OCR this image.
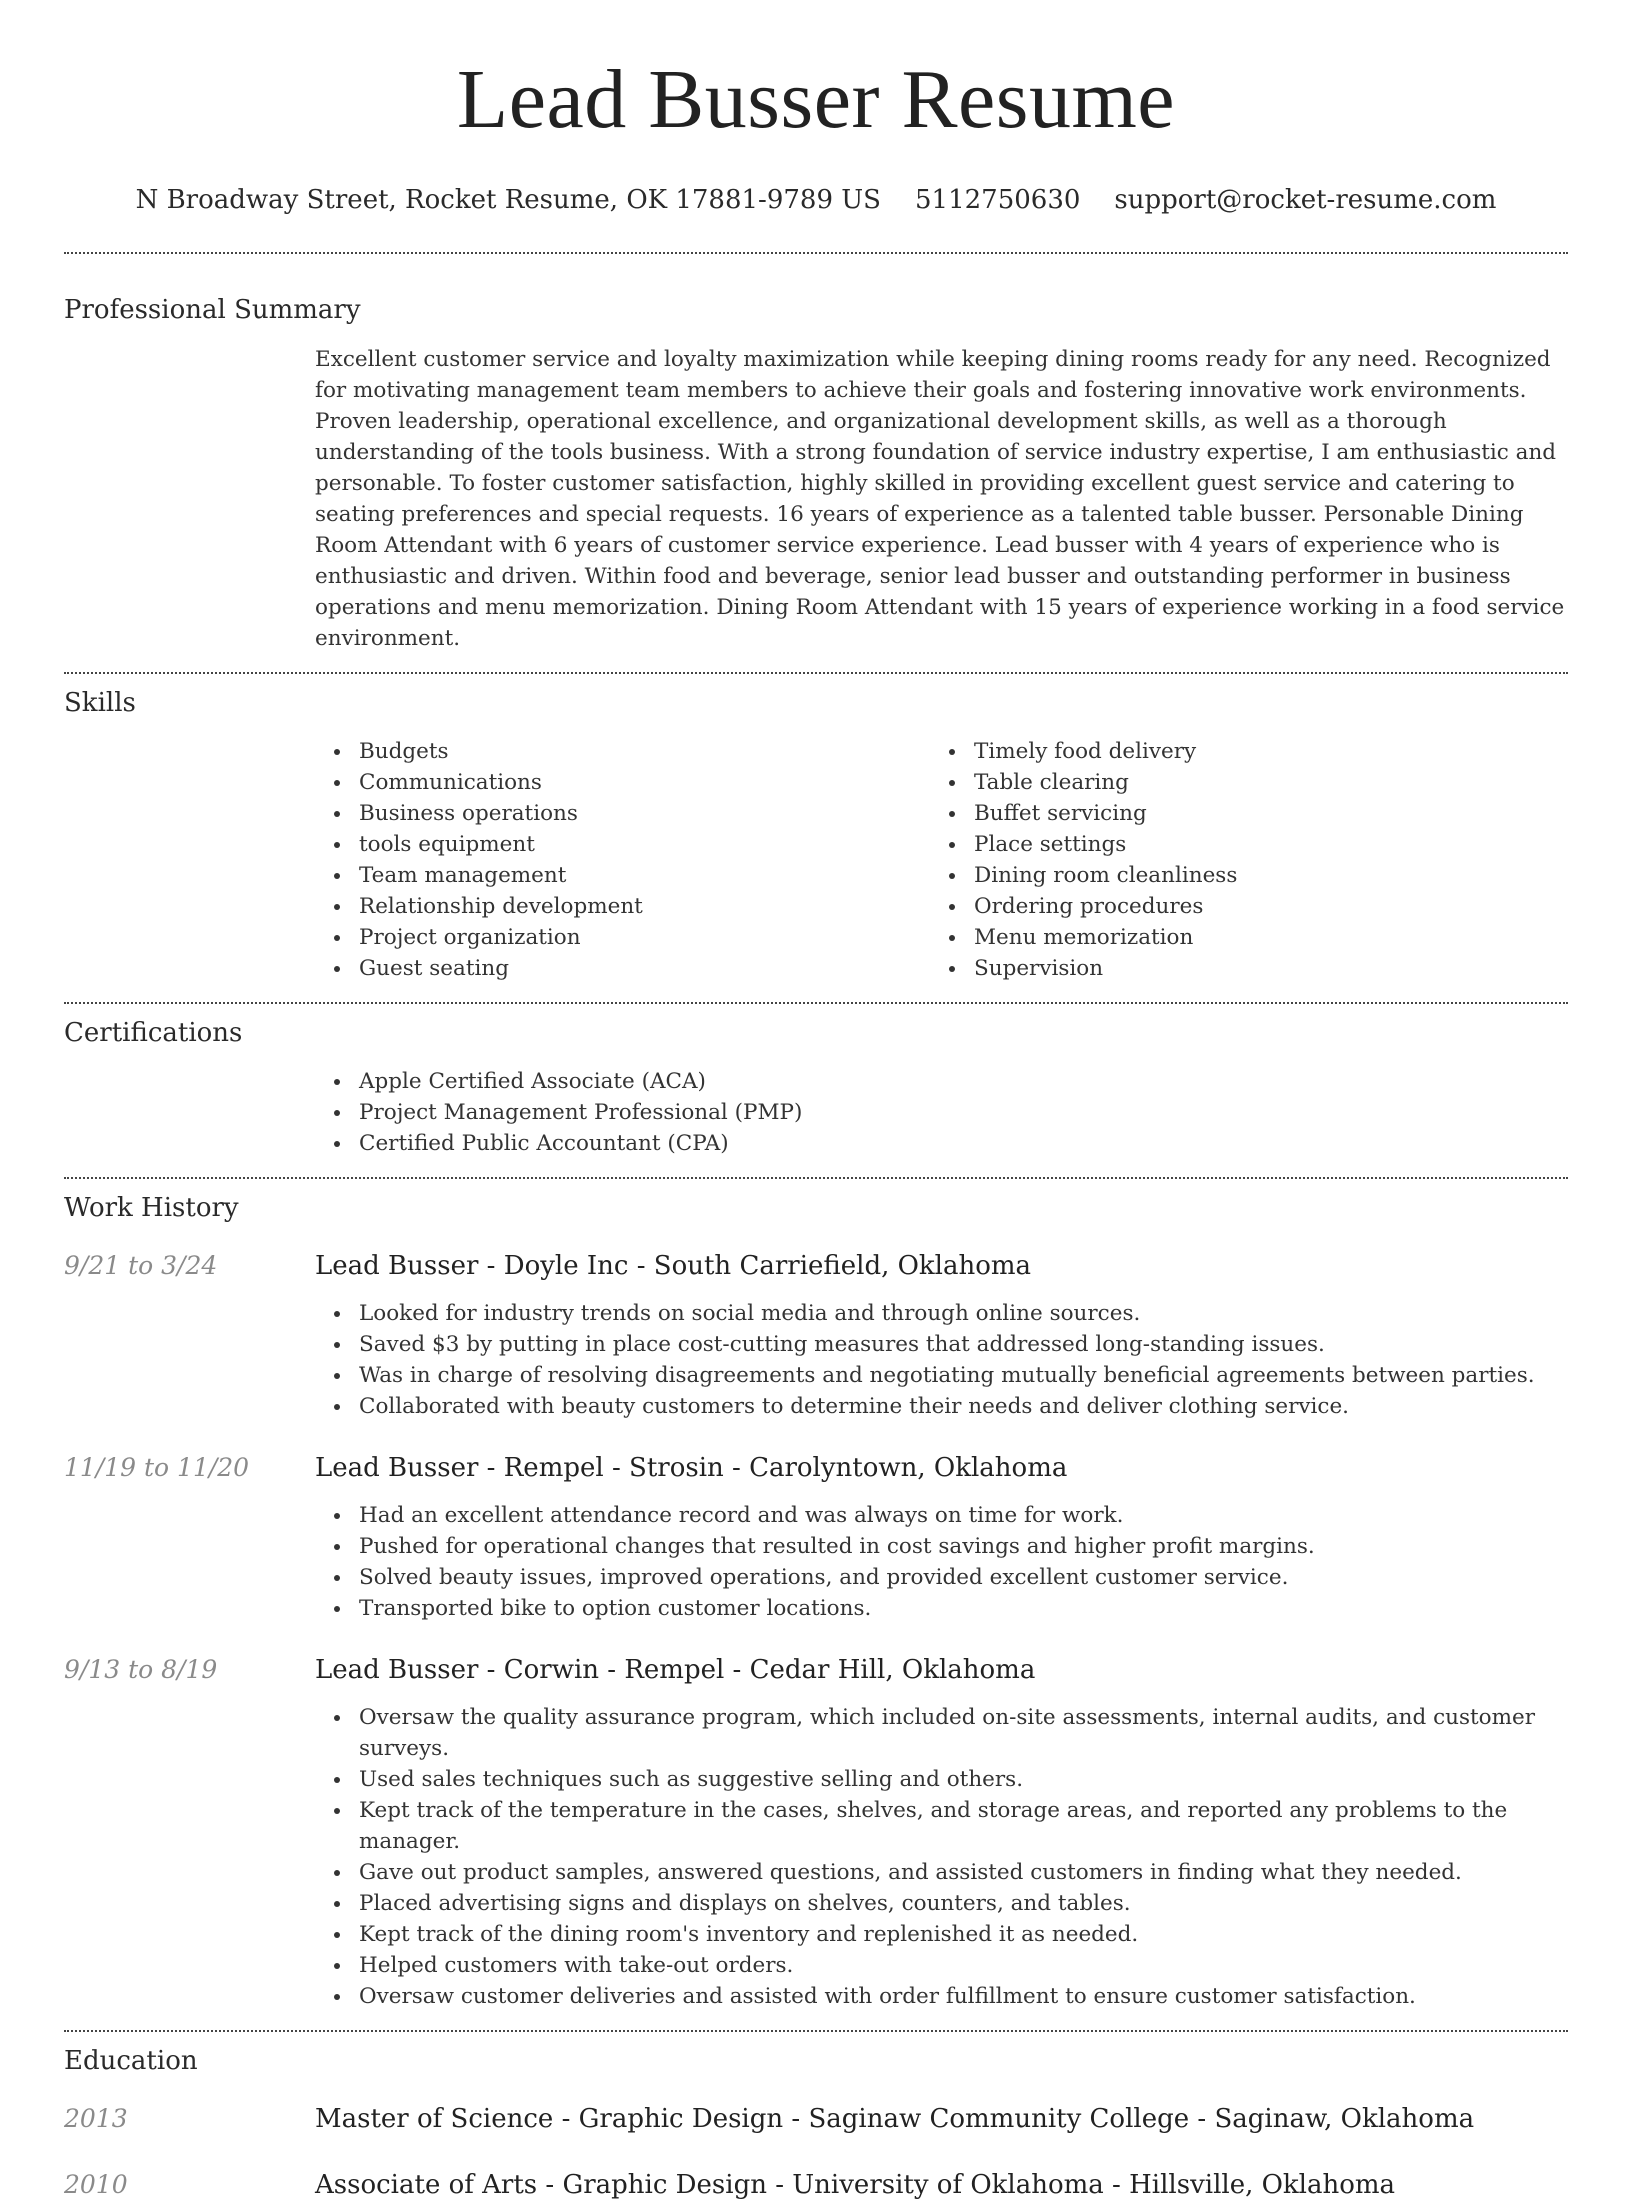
Lead Busser Resume
N Broadway Street, Rocket Resume, OK 17881-9789 US 5112750630 support@rocket-resume.com
Professional Summary

Excellent customer service and loyalty maximization while keeping dining rooms ready for any need. Recognized for motivating management team members to achieve their goals and fostering innovative work environments. Proven leadership, operational excellence, and organizational development skills, as well as a thorough understanding of the tools business. With a strong foundation of service industry expertise, I am enthusiastic and personable. To foster customer satisfaction, highly skilled in providing excellent guest service and catering to seating preferences and special requests. 16 years of experience as a talented table busser. Personable Dining Room Attendant with 6 years of customer service experience. Lead busser with 4 years of experience who is enthusiastic and driven. Within food and beverage, senior lead busser and outstanding performer in business operations and menu memorization. Dining Room Attendant with 15 years of experience working in a food service environment.

Skills
Budgets
Communications
Business operations
tools equipment
Team management
Relationship development
Project organization
Guest seating
Timely food delivery
Table clearing
Buffet servicing
Place settings
Dining room cleanliness
Ordering procedures
Menu memorization
Supervision
Certifications
Apple Certified Associate (ACA)
Project Management Professional (PMP)
Certified Public Accountant (CPA)
Work History
9/21 to 3/24	Lead Busser - Doyle Inc - South Carriefield, Oklahoma
Looked for industry trends on social media and through online sources.
Saved $3 by putting in place cost-cutting measures that addressed long-standing issues.
Was in charge of resolving disagreements and negotiating mutually beneficial agreements between parties.
Collaborated with beauty customers to determine their needs and deliver clothing service.
11/19 to 11/20	Lead Busser - Rempel - Strosin - Carolyntown, Oklahoma
Had an excellent attendance record and was always on time for work.
Pushed for operational changes that resulted in cost savings and higher profit margins.
Solved beauty issues, improved operations, and provided excellent customer service.
Transported bike to option customer locations.
9/13 to 8/19	Lead Busser - Corwin - Rempel - Cedar Hill, Oklahoma
Oversaw the quality assurance program, which included on-site assessments, internal audits, and customer surveys.
Used sales techniques such as suggestive selling and others.
Kept track of the temperature in the cases, shelves, and storage areas, and reported any problems to the manager.
Gave out product samples, answered questions, and assisted customers in finding what they needed.
Placed advertising signs and displays on shelves, counters, and tables.
Kept track of the dining room's inventory and replenished it as needed.
Helped customers with take-out orders.
Oversaw customer deliveries and assisted with order fulfillment to ensure customer satisfaction.
Education
2013	Master of Science - Graphic Design - Saginaw Community College - Saginaw, Oklahoma
2010	Associate of Arts - Graphic Design - University of Oklahoma - Hillsville, Oklahoma
